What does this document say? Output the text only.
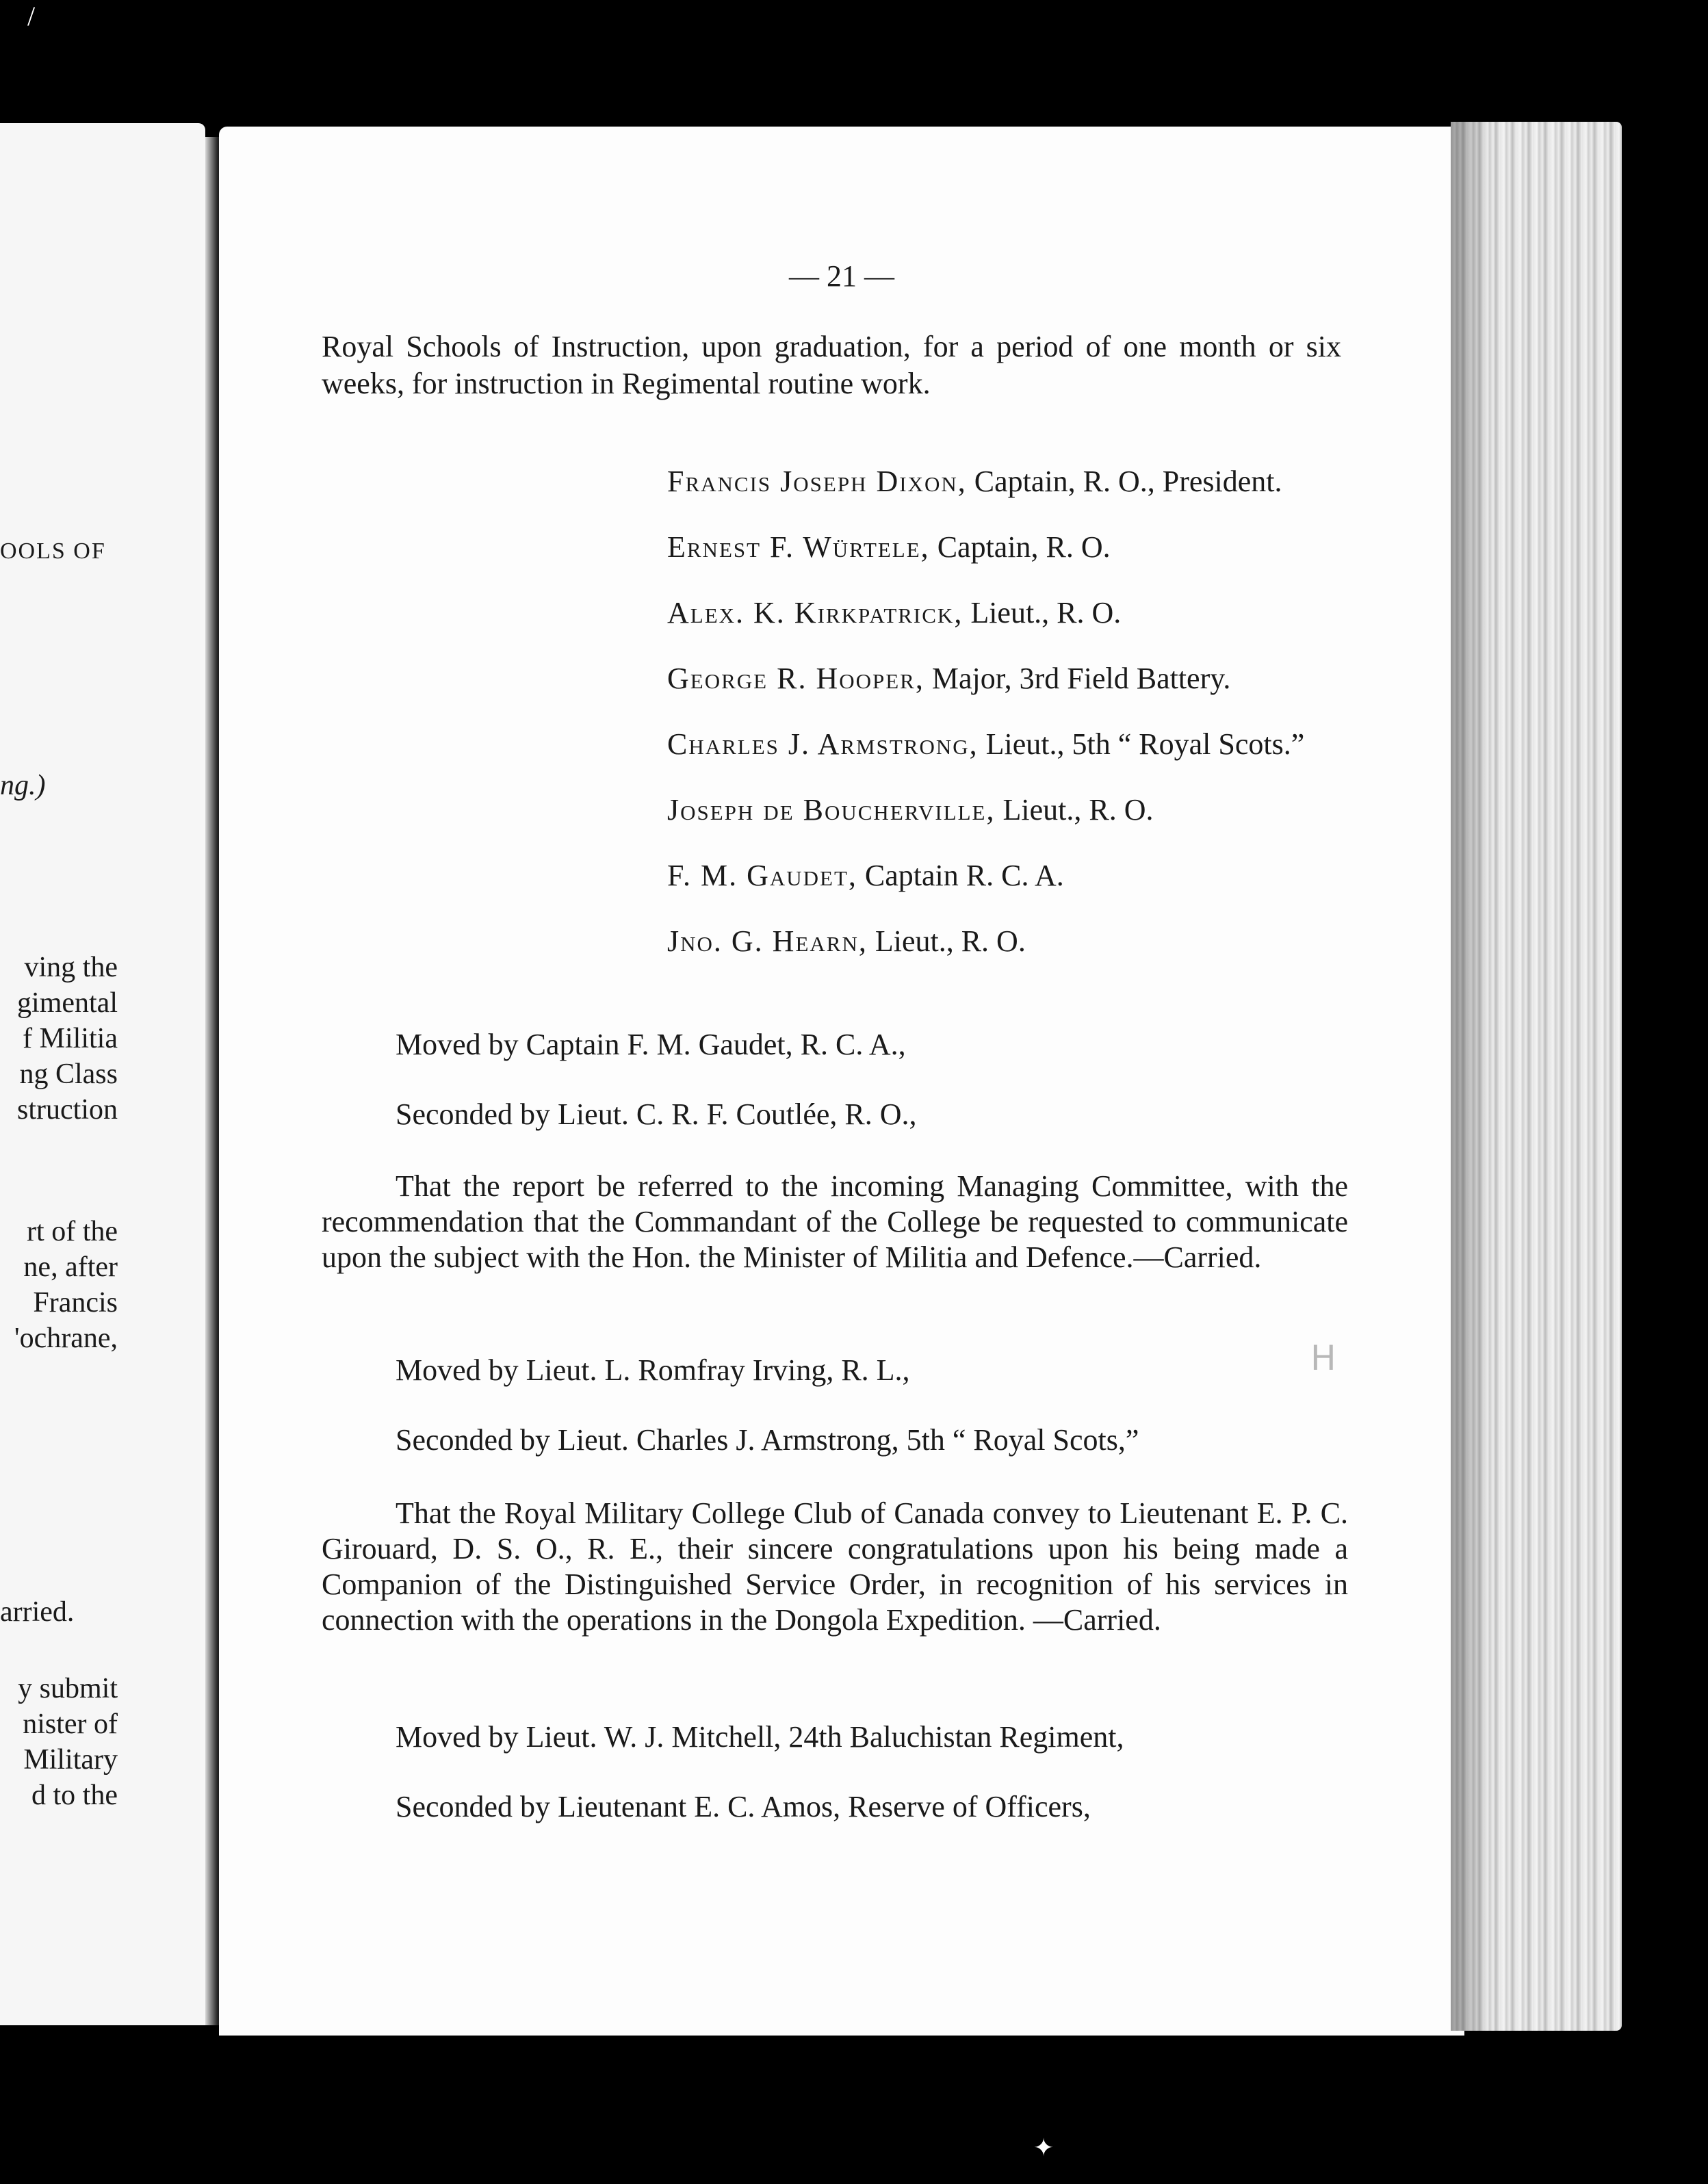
/
OOLS OF
ng.)
ving the
gimental
f Militia
ng Class
struction
rt of the
ne, after
Francis
'ochrane,
arried.
y submit
nister of
Military
d to the
— 21 —
Royal Schools of Instruction, upon graduation, for a period of one month or six weeks, for instruction in Regimental routine work.
Francis Joseph Dixon, Captain, R. O., President.
Ernest F. Würtele, Captain, R. O.
Alex. K. Kirkpatrick, Lieut., R. O.
George R. Hooper, Major, 3rd Field Battery.
Charles J. Armstrong, Lieut., 5th “ Royal Scots.”
Joseph de Boucherville, Lieut., R. O.
F. M. Gaudet, Captain R. C. A.
Jno. G. Hearn, Lieut., R. O.
Moved by Captain F. M. Gaudet, R. C. A.,
Seconded by Lieut. C. R. F. Coutlée, R. O.,
That the report be referred to the incoming Managing Committee, with the recommendation that the Commandant of the College be requested to communicate upon the subject with the Hon. the Minister of Militia and Defence.—Carried.
Moved by Lieut. L. Romfray Irving, R. L.,
Seconded by Lieut. Charles J. Armstrong, 5th “ Royal Scots,”
That the Royal Military College Club of Canada convey to Lieutenant E. P. C. Girouard, D. S. O., R. E., their sincere congratulations upon his being made a Companion of the Distinguished Service Order, in recognition of his services in connection with the operations in the Dongola Expedition. —Carried.
Moved by Lieut. W. J. Mitchell, 24th Baluchistan Regiment,
Seconded by Lieutenant E. C. Amos, Reserve of Officers,
H
✦
